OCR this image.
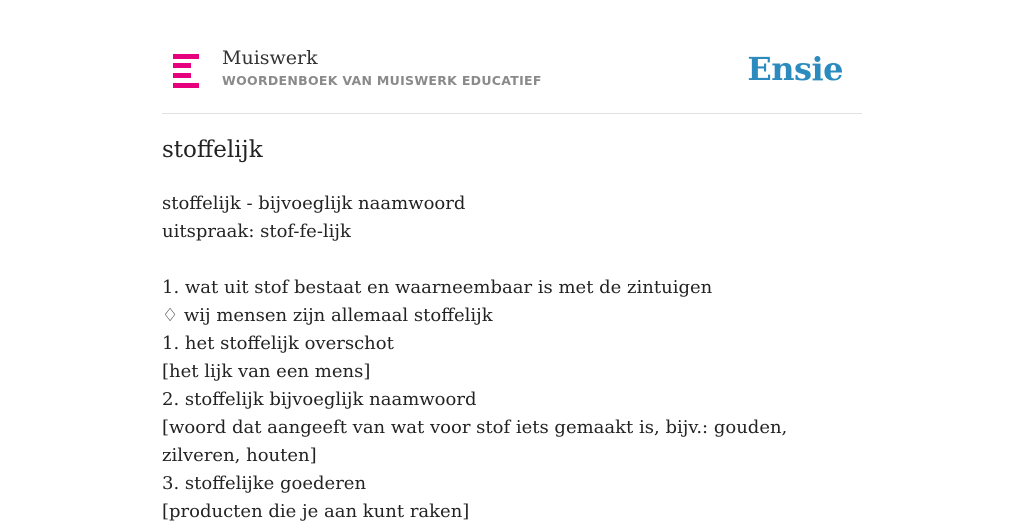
Muiswerk
WOORDENBOEK VAN MUISWERK EDUCATIEF	Ensie
stoffelijk
stoffelijk - bijvoeglijk naamwoord
uitspraak: stof-fe-lijk
1. wat uit stof bestaat en waarneembaar is met de zintuigen
♢ wij mensen zijn allemaal stoffelijk
1. het stoffelijk overschot
[het lijk van een mens]
2. stoffelijk bijvoeglijk naamwoord
[woord dat aangeeft van wat voor stof iets gemaakt is, bijv.: gouden, zilveren, houten]
3. stoffelijke goederen
[producten die je aan kunt raken]
